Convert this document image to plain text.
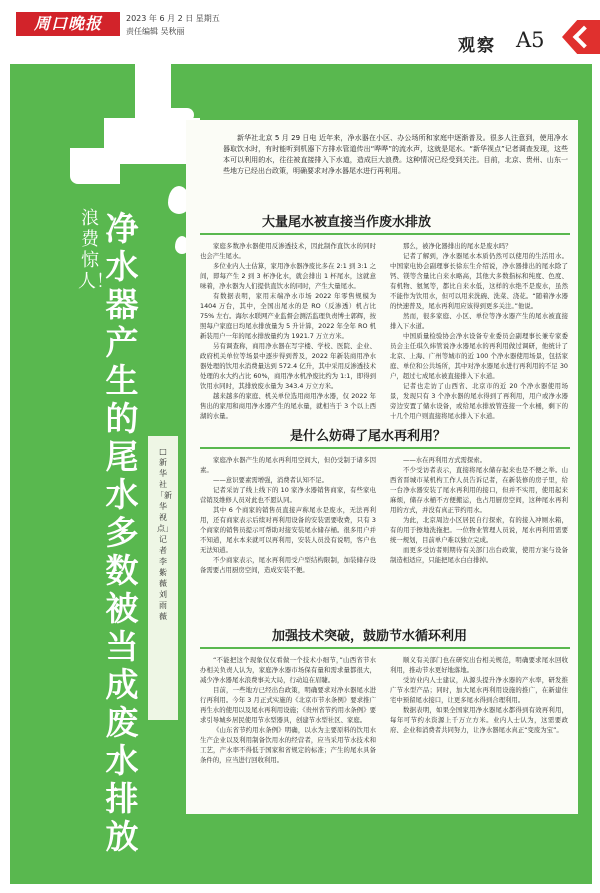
周口晚报	2023 年 6 月 2 日 星期五
责任编辑 吴秋丽
观察 A5
浪费惊人！
净水器产生的尾水多数被当成废水排放
□新华社「新华视点」记者 李紫薇 刘雨薇
新华社北京 5 月 29 日电 近年来，净水器在小区、办公场所和家庭中逐渐普及。很多人注意到，使用净水器取饮水时，有时能听到机器下方排水管道传出“哗哗”的流水声，这就是尾水。“新华视点”记者调查发现，这些本可以利用的水，往往被直接排入下水道，造成巨大浪费。这种情况已经受到关注。目前，北京、贵州、山东一些地方已经出台政策，明确要求对净水器尾水进行再利用。
大量尾水被直接当作废水排放

家庭多数净水器使用反渗透技术，因此制作直饮水的同时也会产生尾水。

多位业内人士估算，家用净水器净废比多在 2:1 到 3:1 之间，即每产生 2 到 3 杯净化水，就会排出 1 杯尾水，这就意味着，净水器为人们提供直饮水的同时，产生大量尾水。

有数据表明，家用末端净水市场 2022 年零售规模为 1404 万台，其中，全国出尾水的是 RO（反渗透）机占比 75% 左右。海尔水联网产业监督会测活监理负责博士郭辉，按照每户家庭日均尾水排放量为 5 升计算，2022 年全年 RO 机新装用户一年的尾水排放量约为 1921.7 万立方米。

另有调查称，商用净水器在写字楼、学校、医院、企业、政府机关单位等场景中逐步得到普及，2022 年新装商用净水器处理的饮用水消费量达到 572.4 亿升，其中采用反渗透技术处理的水大约占比 60%，商用净水机净废比约为 1:1，即得到饮用水同时，其排放废水量为 343.4 万立方米。

越来越多的家庭、机关单位选用商用净水器，仅 2022 年售出的家用和商用净水器产生的尾水量，就相当于 3 个以上西湖的水量。

那么，被净化器排出的尾水是废水吗？

记者了解到，净水器尾水本质仍然可以使用的生活用水。中国家电协会副理事长徐东生介绍说，净水器排出的尾水除了钙、镁等含量比自来水略高，其他大多数指标和纯度、色度、有机物、氨氮等，都比自来水低，这样的水绝不是废水，虽然不能作为饮用水，但可以用来洗碗、洗菜、浇花。“随着净水器的快速普及，尾水再利用应该得到更多关注。”他说。

然而，很多家庭、小区、单位等净水器产生的尾水被直接排入下水道。

中国质量检验协会净水设备专业委员会副理事长兼专家委员会主任琪久炜管说净水器尾水的再利用做过调研，他统计了北京、上海、广州等城市的近 100 个净水器使用场景，包括家庭、单位和公共场所，其中对净水器尾水进行再利用的不足 30 户，超过七成尾水被直接排入下水道。

记者也走访了山西省、北京市的近 20 个净水器使用场景，发现只有 3 个净水器的尾水得到了再利用，用户或净水器旁边安置了储水设备，或给尾水排放管连接一个水桶，剩下的十几个用户则直接将尾水排入下水道。

是什么妨碍了尾水再利用？

家庭净水器产生的尾水再利用空间大，但仍受制于诸多因素。

——意识要素需增强，消费者认知不足。

记者采访了线上线下的 10 家净水器销售商家，有些家电营销及维修人员对此也不愿认同。

其中 6 个商家的销售员直接声称尾水是废水，无法再利用，还有商家表示后续对再利用设备的安装需要收费，只有 3 个商家的销售员提示可帮助对接安装尾水储存桶。很多用户并不知道，尾水本来就可以再利用，安装人员没有说明，客户也无法知道。

不少商家表示，尾水再利用受户型结构限制，加装储存设备需要占用厨房空间，造成安装不便。

——水在再利用方式需探索。

不少受访者表示，直接将尾水储存起来也是不便之举。山西省晋城市某机构工作人员告诉记者，在新装修的房子里，给一台净水器安装了尾水再利用的接口，但并不实用，使用起来麻烦，储存水桶不方便搬运，也占用厨房空间，这种尾水再利用的方式，并没有真正节约用水。

为此，北京周边小区居民自行探索，有的接入冲厕水箱，有的用于擦地洗拖把。一位物业管理人员说，尾水再利用需要统一规划，目前单户难以独立完成。

而更多受访者则期待有关部门出台政策，使用方案与设备制造相适应，只能把尾水白白排掉。

加强技术突破，鼓励节水循环利用

“不能把这个现象仅仅看做一个技术小细节，”山西省节水办相关负责人认为，家庭净水器市场保有量和需求量都很大，减少净水器尾水浪费事关大局，行动迫在眉睫。

目前，一些地方已经出台政策，明确要求对净水器尾水进行再利用。今年 3 月正式实施的《北京市节水条例》要求推广再生水的使用以及尾水再利用设施；《贵州省节约用水条例》要求引导城乡居民使用节水型器具，创建节水型社区、家庭。

《山东省节约用水条例》明确，以水为主要原料的饮用水生产企业以及利用制备饮用水的经营者，应当采用节水技术和工艺，产水率不得低于国家和省规定的标准；产生的尾水具备条件的，应当进行回收利用。

顺义有关部门也在研究出台相关规范，明确要求尾水回收利用，推动节水更好地落地。

受访业内人士建议，从源头提升净水器的产水率，研发推广节水型产品；同时，加大尾水再利用设施的推广，在新建住宅中预留尾水接口，让更多尾水得到合理利用。

数据表明，如果全国家用净水器尾水都得到有效再利用，每年可节约水资源上千万立方米。业内人士认为，这需要政府、企业和消费者共同努力，让净水器尾水真正“变废为宝”。
